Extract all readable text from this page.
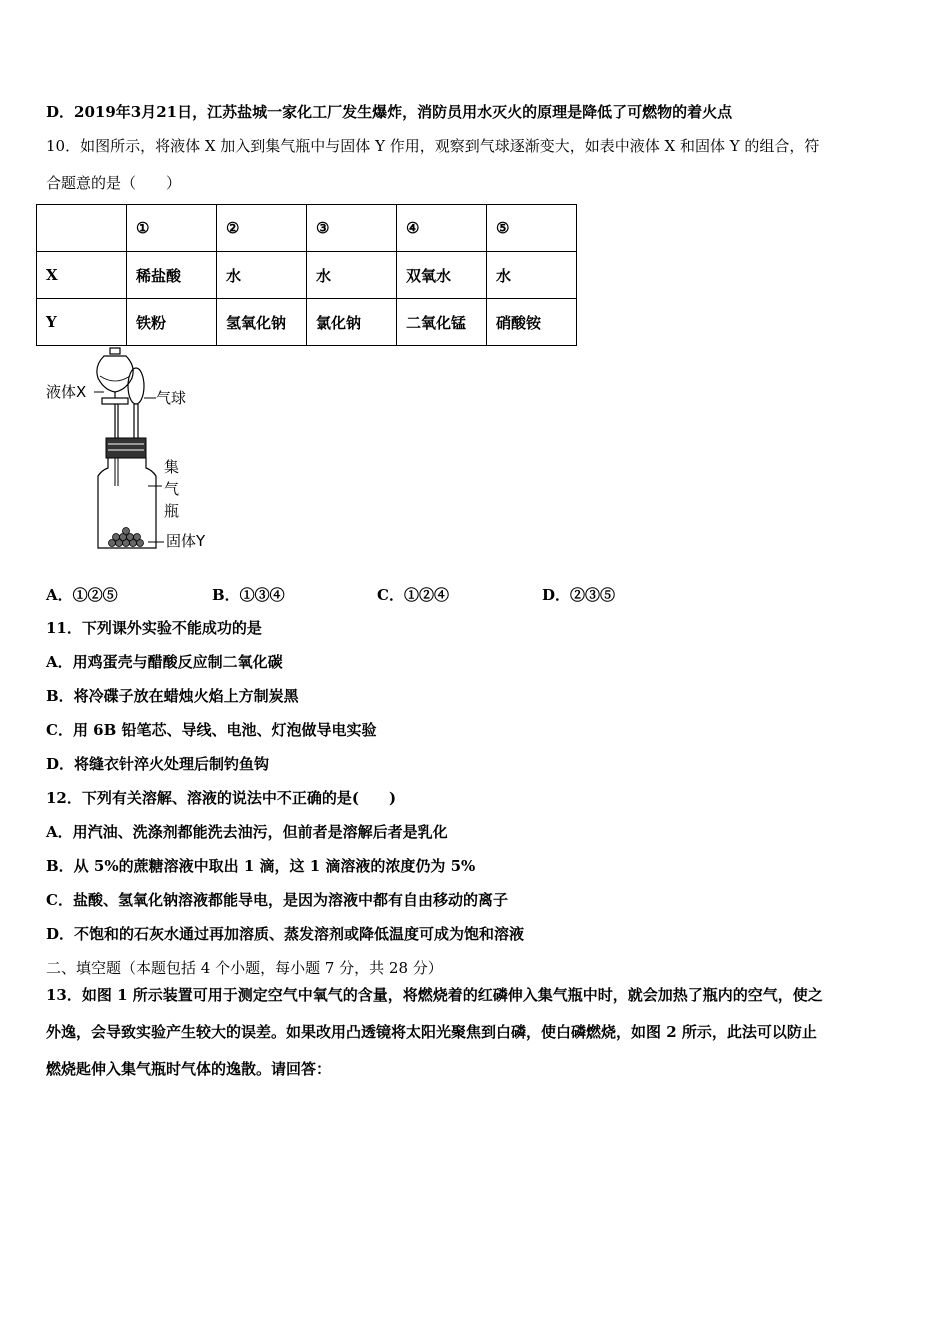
D．2019年3月21日，江苏盐城一家化工厂发生爆炸，消防员用水灭火的原理是降低了可燃物的着火点
10．如图所示，将液体 X 加入到集气瓶中与固体 Y 作用，观察到气球逐渐变大，如表中液体 X 和固体 Y 的组合，符
合题意的是（　　）
	①	②	③	④	⑤
X	稀盐酸	水	水	双氧水	水
Y	铁粉	氢氧化钠	氯化钠	二氧化锰	硝酸铵
液体X	气球
集
气
瓶
固体Y
A．①②⑤	B．①③④	C．①②④	D．②③⑤
11．下列课外实验不能成功的是
A．用鸡蛋壳与醋酸反应制二氧化碳
B．将冷碟子放在蜡烛火焰上方制炭黑
C．用 6B 铅笔芯、导线、电池、灯泡做导电实验
D．将缝衣针淬火处理后制钓鱼钩
12．下列有关溶解、溶液的说法中不正确的是(　　)
A．用汽油、洗涤剂都能洗去油污，但前者是溶解后者是乳化
B．从 5%的蔗糖溶液中取出 1 滴，这 1 滴溶液的浓度仍为 5%
C．盐酸、氢氧化钠溶液都能导电，是因为溶液中都有自由移动的离子
D．不饱和的石灰水通过再加溶质、蒸发溶剂或降低温度可成为饱和溶液
二、填空题（本题包括 4 个小题，每小题 7 分，共 28 分）
13．如图 1 所示装置可用于测定空气中氧气的含量，将燃烧着的红磷伸入集气瓶中时，就会加热了瓶内的空气，使之
外逸，会导致实验产生较大的误差。如果改用凸透镜将太阳光聚焦到白磷，使白磷燃烧，如图 2 所示，此法可以防止
燃烧匙伸入集气瓶时气体的逸散。请回答：
